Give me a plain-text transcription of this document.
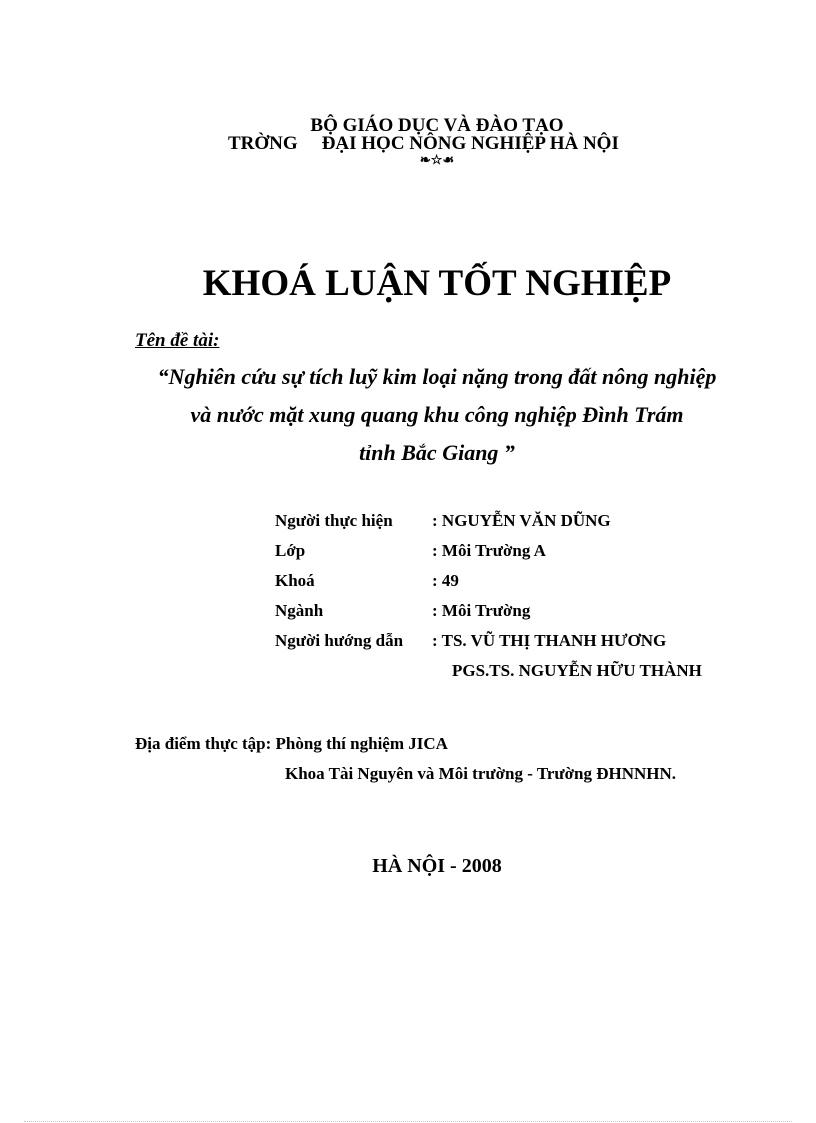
BỘ GIÁO DỤC VÀ ĐÀO TẠO
TRỜNG ĐẠI HỌC NÔNG NGHIỆP HÀ NỘI
❧☆☙
KHOÁ LUẬN TỐT NGHIỆP
Tên đề tài:
“Nghiên cứu sự tích luỹ kim loại nặng trong đất nông nghiệp
và nước mặt xung quang khu công nghiệp Đình Trám
tỉnh Bắc Giang ”
Người thực hiện : NGUYỄN VĂN DŨNG
Lớp	: Môi Trường A
Khoá	: 49
Ngành	: Môi Trường
Người hướng dẫn : TS. VŨ THỊ THANH HƯƠNG
PGS.TS. NGUYỄN HỮU THÀNH
Địa điểm thực tập: Phòng thí nghiệm JICA
Khoa Tài Nguyên và Môi trường - Trường ĐHNNHN.
HÀ NỘI - 2008
